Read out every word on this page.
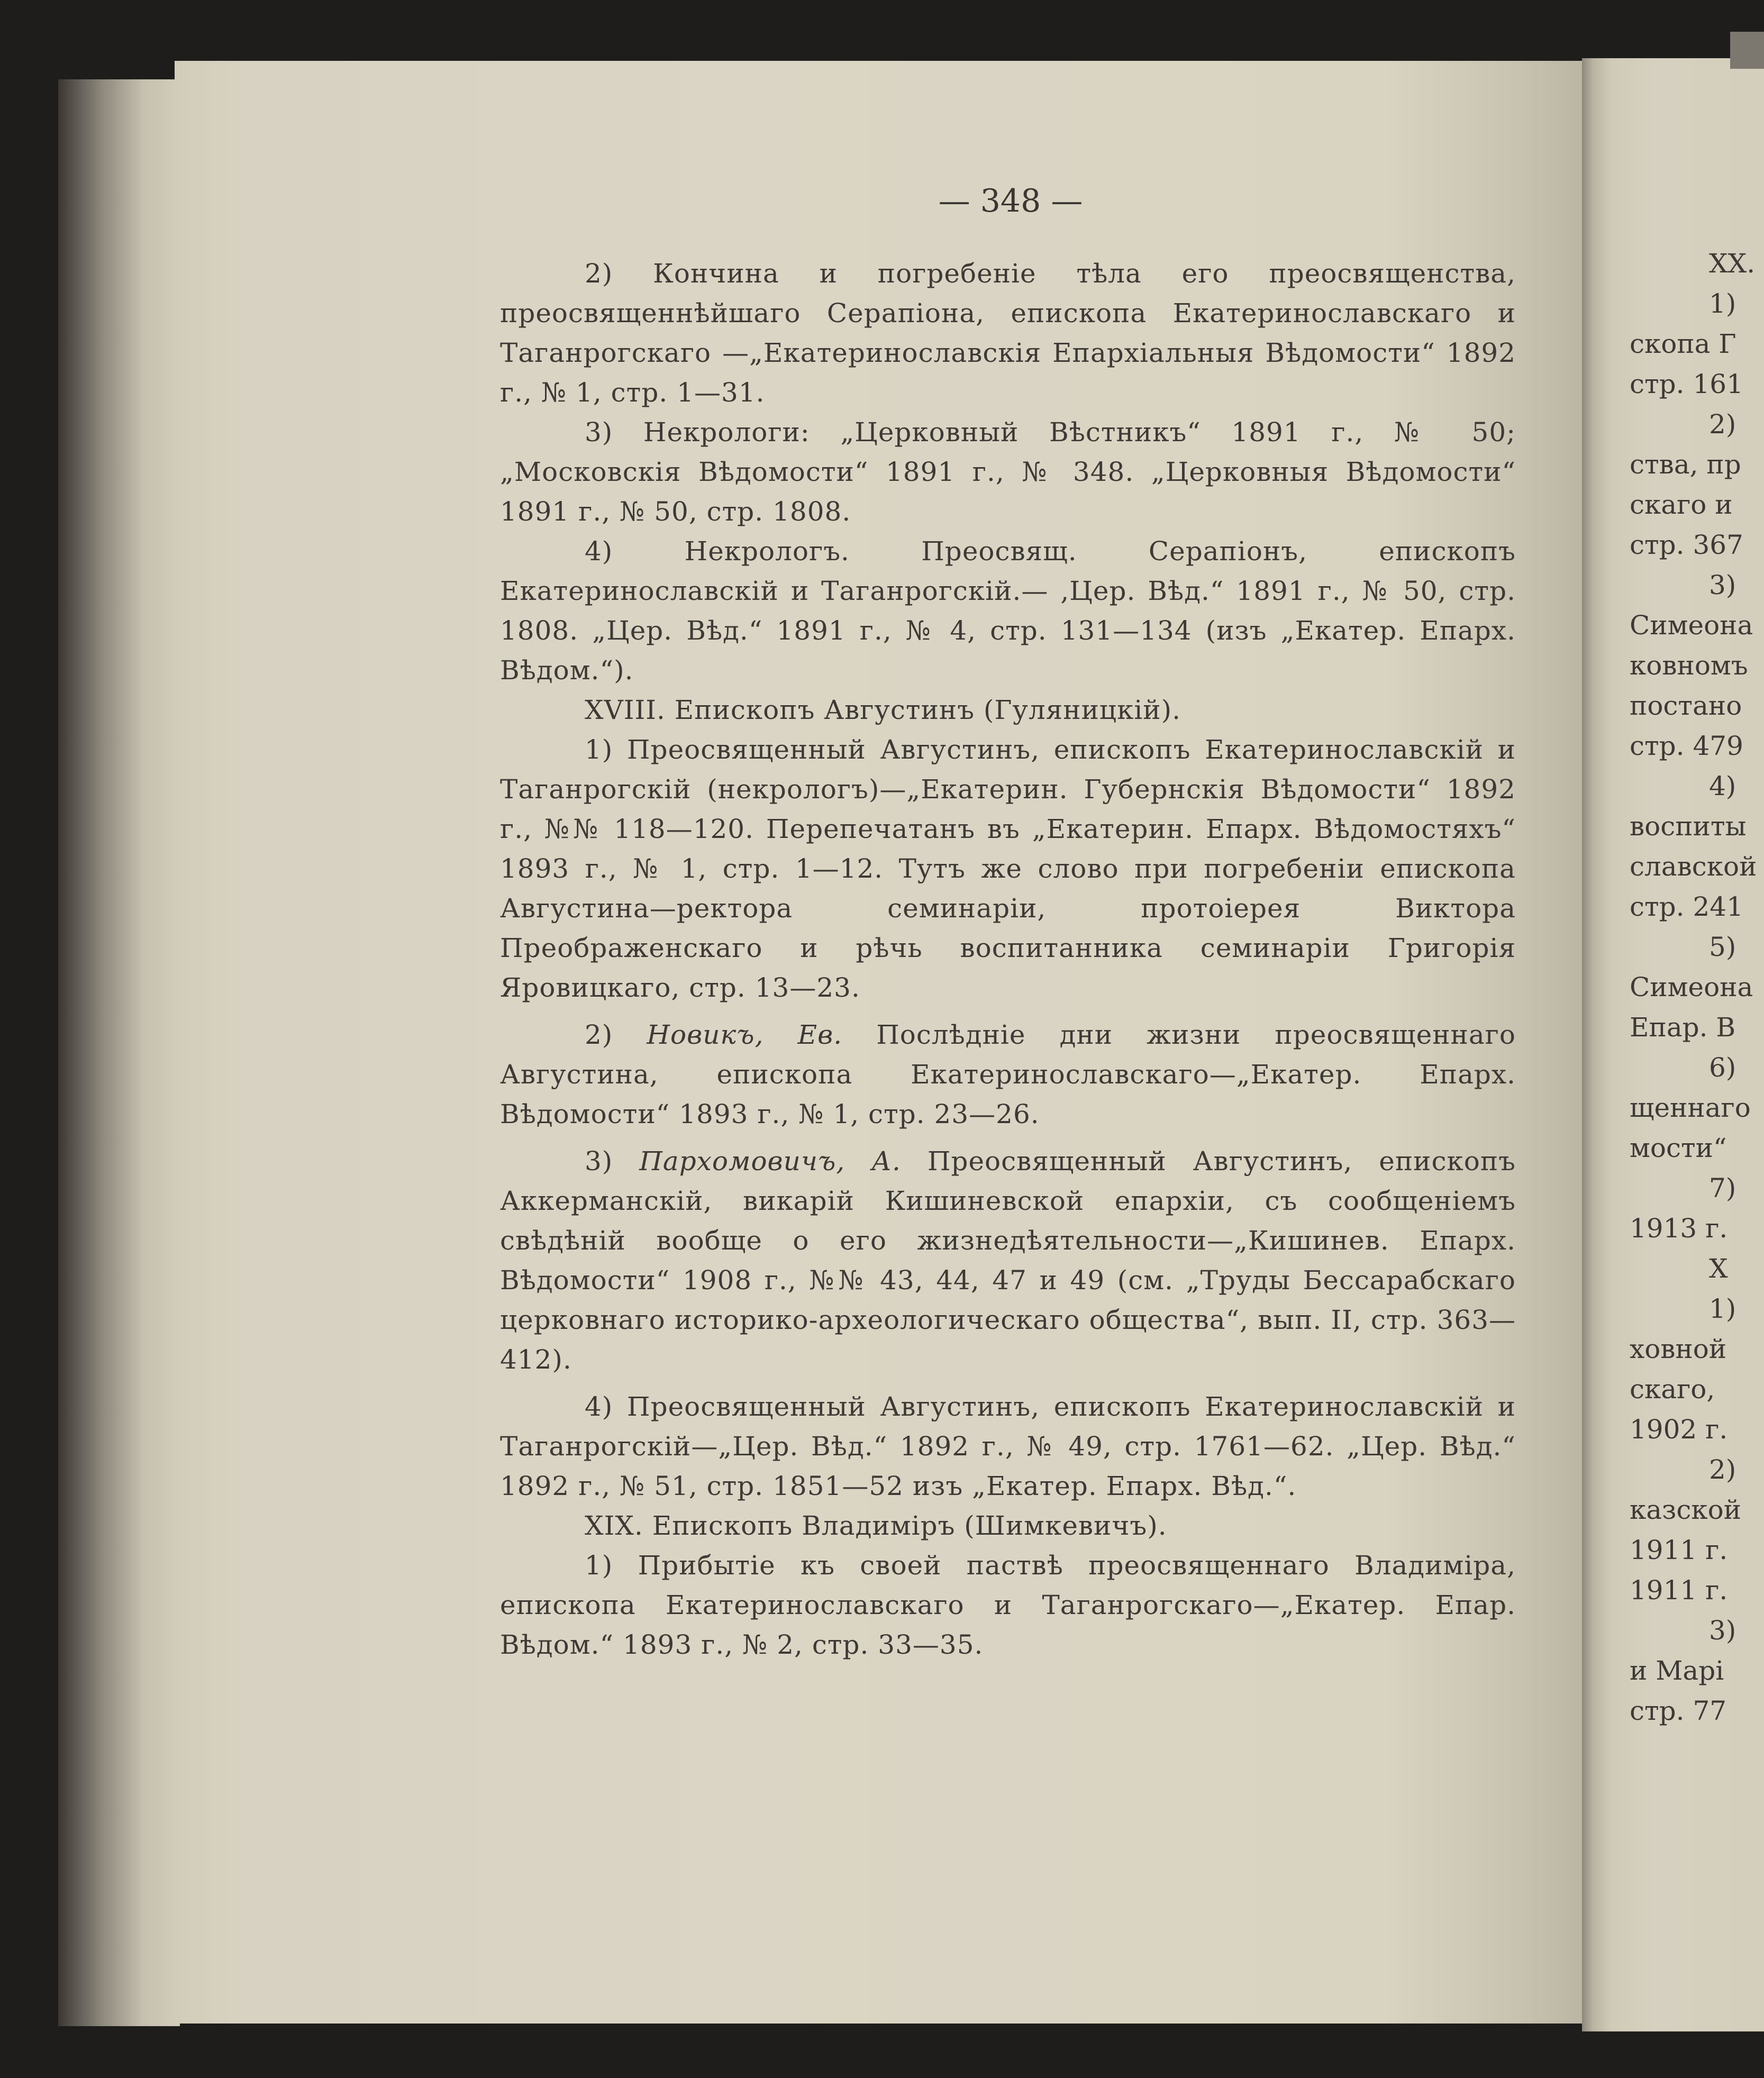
— 348 —

2) Кончина и погребеніе тѣла его преосвященства, преосвященнѣйшаго Серапіона, епископа Екатеринославскаго и Таганрогскаго —„Екатеринославскія Епархіальныя Вѣдомости“ 1892 г., № 1, стр. 1—31.

3) Некрологи: „Церковный Вѣстникъ“ 1891 г., № 50; „Московскія Вѣдомости“ 1891 г., № 348. „Церковныя Вѣдомости“ 1891 г., № 50, стр. 1808.

4) Некрологъ. Преосвящ. Серапіонъ, епископъ Екатеринославскій и Таганрогскій.— ,Цер. Вѣд.“ 1891 г., № 50, стр. 1808. „Цер. Вѣд.“ 1891 г., № 4, стр. 131—134 (изъ „Екатер. Епарх. Вѣдом.“).

XVIII. Епископъ Августинъ (Гуляницкій).

1) Преосвященный Августинъ, епископъ Екатеринославскій и Таганрогскій (некрологъ)—„Екатерин. Губернскія Вѣдомости“ 1892 г., №№ 118—120. Перепечатанъ въ „Екатерин. Епарх. Вѣдомостяхъ“ 1893 г., № 1, стр. 1—12. Тутъ же слово при погребеніи епископа Августина—ректора семинаріи, протоіерея Виктора Преображенскаго и рѣчь воспитанника семинаріи Григорія Яровицкаго, стр. 13—23.

2) Новикъ, Ев. Послѣдніе дни жизни преосвященнаго Августина, епископа Екатеринославскаго—„Екатер. Епарх. Вѣдомости“ 1893 г., № 1, стр. 23—26.

3) Пархомовичъ, А. Преосвященный Августинъ, епископъ Аккерманскій, викарій Кишиневской епархіи, съ сообщеніемъ свѣдѣній вообще о его жизнедѣятельности—„Кишинев. Епарх. Вѣдомости“ 1908 г., №№ 43, 44, 47 и 49 (см. „Труды Бессарабскаго церковнаго историко-археологическаго общества“, вып. II, стр. 363—412).

4) Преосвященный Августинъ, епископъ Екатеринославскій и Таганрогскій—„Цер. Вѣд.“ 1892 г., № 49, стр. 1761—62. „Цер. Вѣд.“ 1892 г., № 51, стр. 1851—52 изъ „Екатер. Епарх. Вѣд.“.

XIX. Епископъ Владиміръ (Шимкевичъ).

1) Прибытіе къ своей паствѣ преосвященнаго Владиміра, епископа Екатеринославскаго и Таганрогскаго—„Екатер. Епар. Вѣдом.“ 1893 г., № 2, стр. 33—35.

XX.
1)
скопа Г
стр. 161
2)
ства, пр
скаго и
стр. 367
3)
Симеона
ковномъ
постано
стр. 479
4)
воспиты
славской
стр. 241
5)
Симеона
Епар. В
6)
щеннаго
мости“
7)
1913 г.
X
1)
ховной
скаго,
1902 г.
2)
казской
1911 г.
1911 г.
3)
и Марі
стр. 77
